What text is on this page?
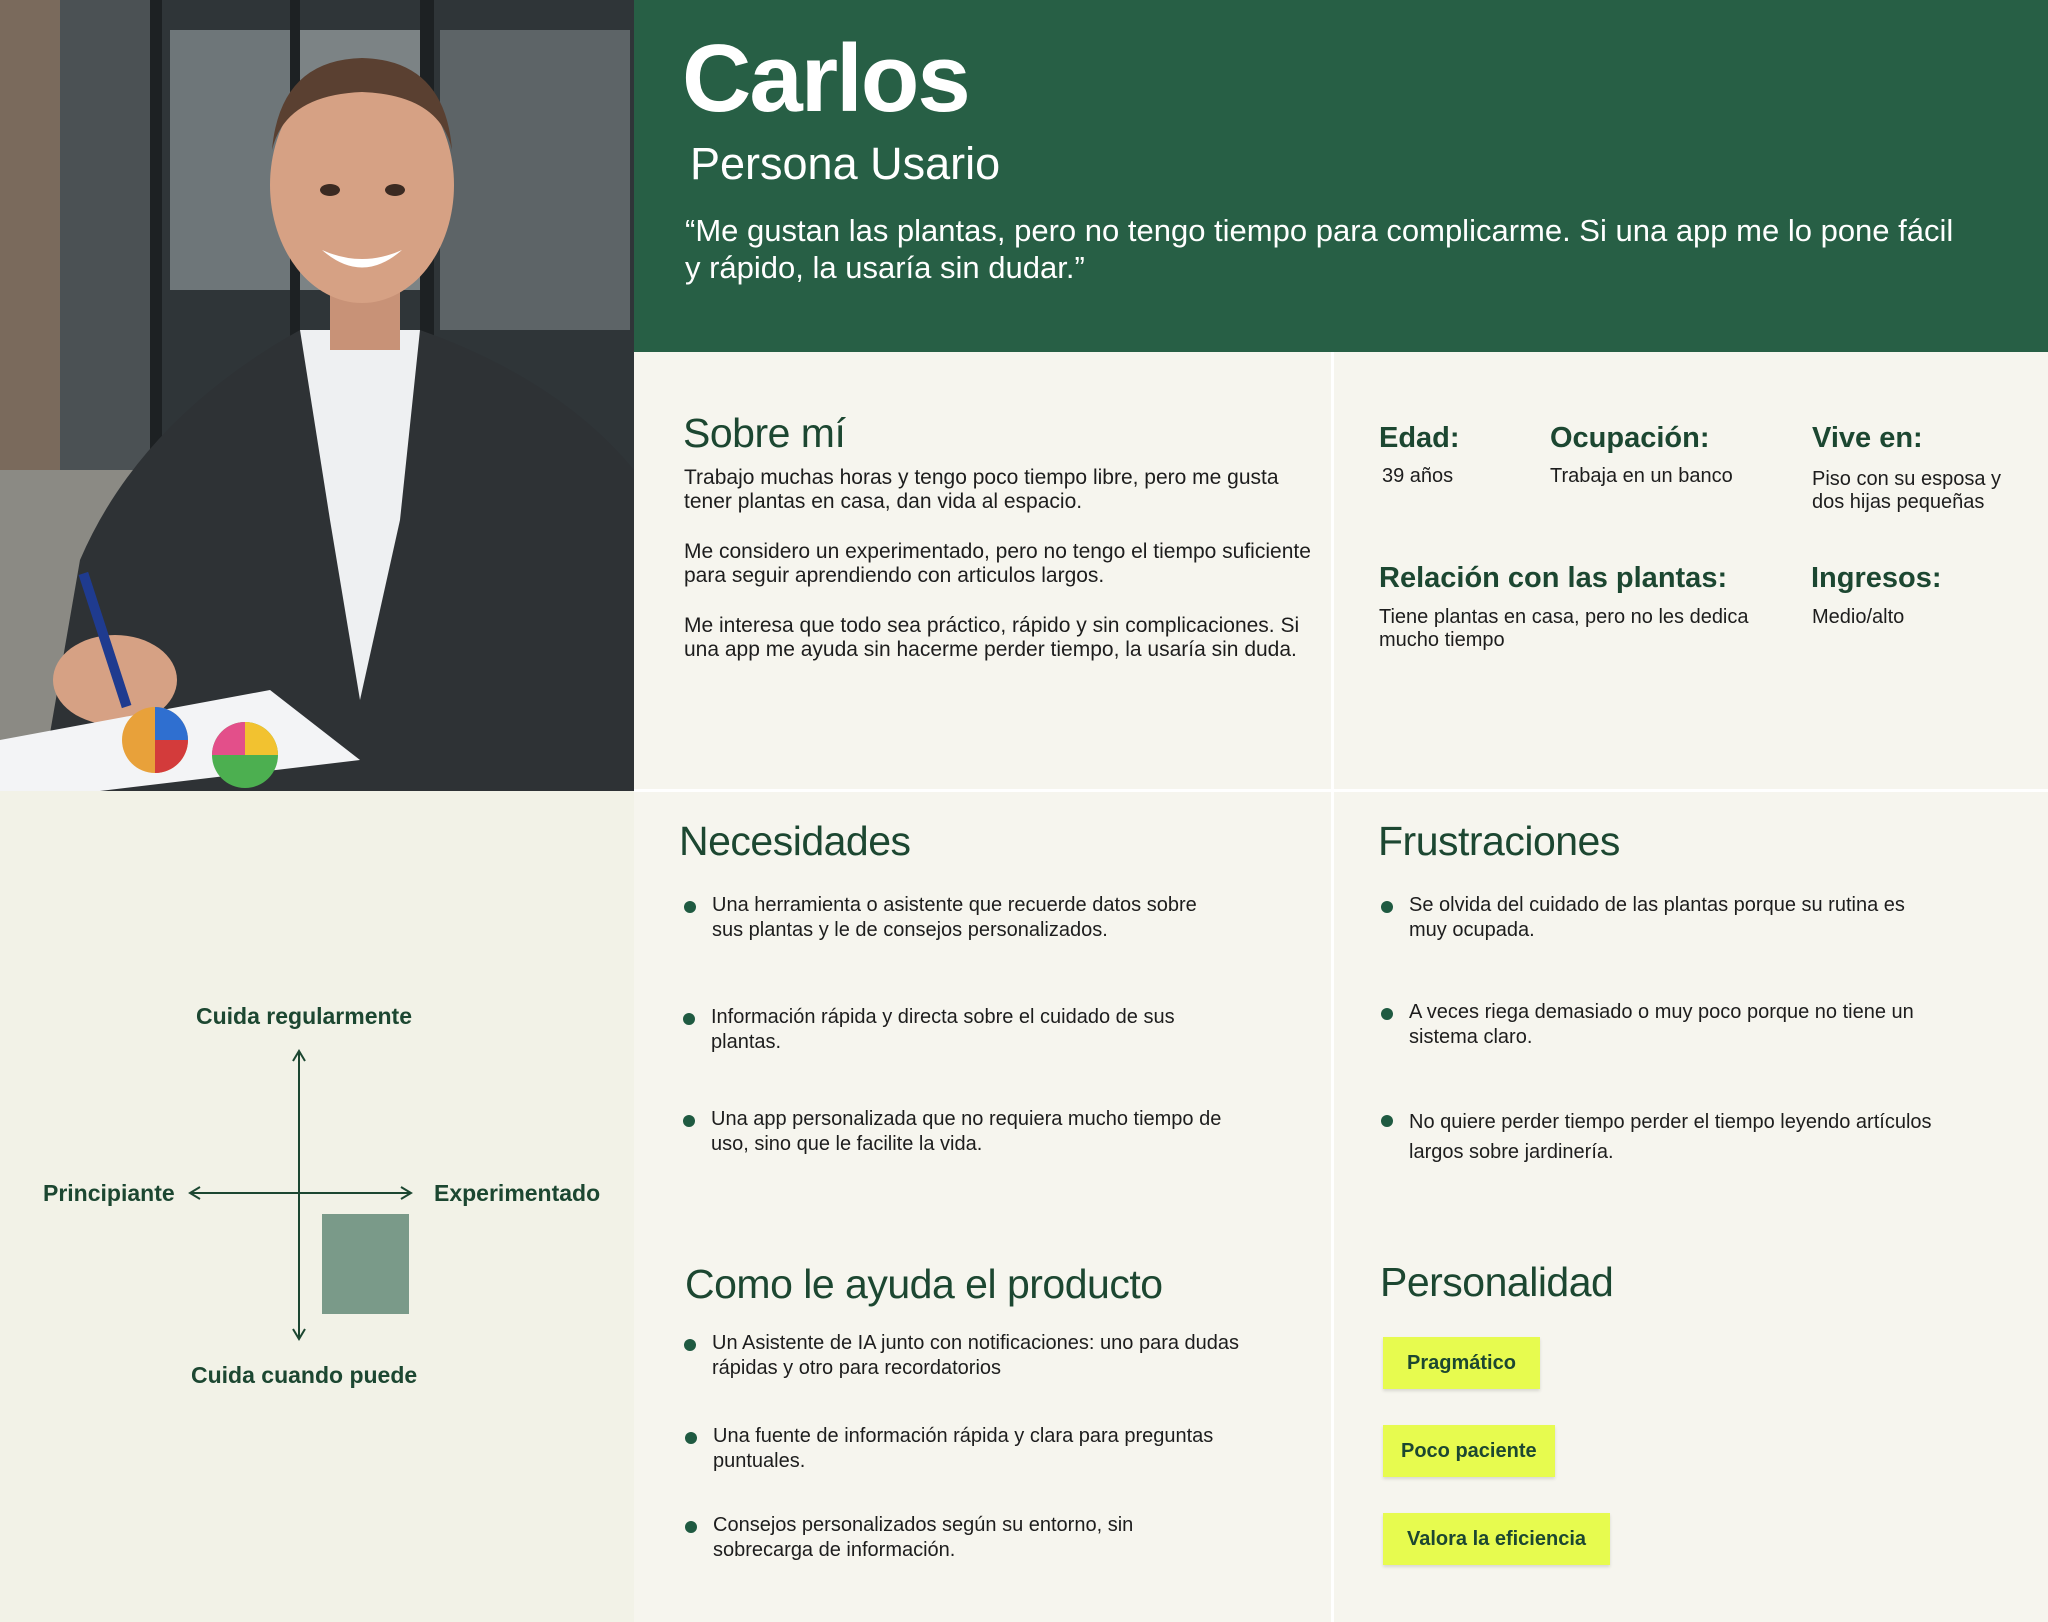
Carlos
Persona Usario
“Me gustan las plantas, pero no tengo tiempo para complicarme. Si una app me lo pone fácil y rápido, la usaría sin dudar.”
Sobre mí
Trabajo muchas horas y tengo poco tiempo libre, pero me gusta tener plantas en casa, dan vida al espacio.
Me considero un experimentado, pero no tengo el tiempo suficiente para seguir aprendiendo con articulos largos.
Me interesa que todo sea práctico, rápido y sin complicaciones. Si una app me ayuda sin hacerme perder tiempo, la usaría sin duda.
Edad:
39 años
Ocupación:
Trabaja en un banco
Vive en:
Piso con su esposa y dos hijas pequeñas
Relación con las plantas:
Tiene plantas en casa, pero no les dedica mucho tiempo
Ingresos:
Medio/alto
Cuida regularmente
Cuida cuando puede
Principiante	Experimentado
Necesidades
Una herramienta o asistente que recuerde datos sobre sus plantas y le de consejos personalizados.
Información rápida y directa sobre el cuidado de sus plantas.
Una app personalizada que no requiera mucho tiempo de uso, sino que le facilite la vida.
Frustraciones
Se olvida del cuidado de las plantas porque su rutina es muy ocupada.
A veces riega demasiado o muy poco porque no tiene un sistema claro.
No quiere perder tiempo perder el tiempo leyendo artículos largos sobre jardinería.
Como le ayuda el producto
Un Asistente de IA junto con notificaciones: uno para dudas rápidas y otro para recordatorios
Una fuente de información rápida y clara para preguntas puntuales.
Consejos personalizados según su entorno, sin sobrecarga de información.
Personalidad
Pragmático
Poco paciente
Valora la eficiencia
